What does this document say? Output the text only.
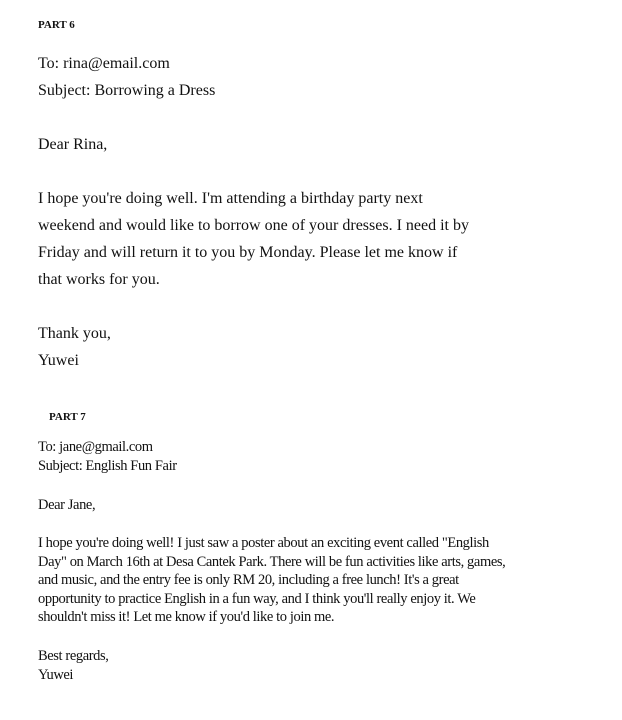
PART 6
To: rina@email.com
Subject: Borrowing a Dress
Dear Rina,
I hope you're doing well. I'm attending a birthday party next
weekend and would like to borrow one of your dresses. I need it by
Friday and will return it to you by Monday. Please let me know if
that works for you.
Thank you,
Yuwei
PART 7
To: jane@gmail.com
Subject: English Fun Fair
Dear Jane,
I hope you're doing well! I just saw a poster about an exciting event called "English
Day" on March 16th at Desa Cantek Park. There will be fun activities like arts, games,
and music, and the entry fee is only RM 20, including a free lunch! It's a great
opportunity to practice English in a fun way, and I think you'll really enjoy it. We
shouldn't miss it! Let me know if you'd like to join me.
Best regards,
Yuwei
